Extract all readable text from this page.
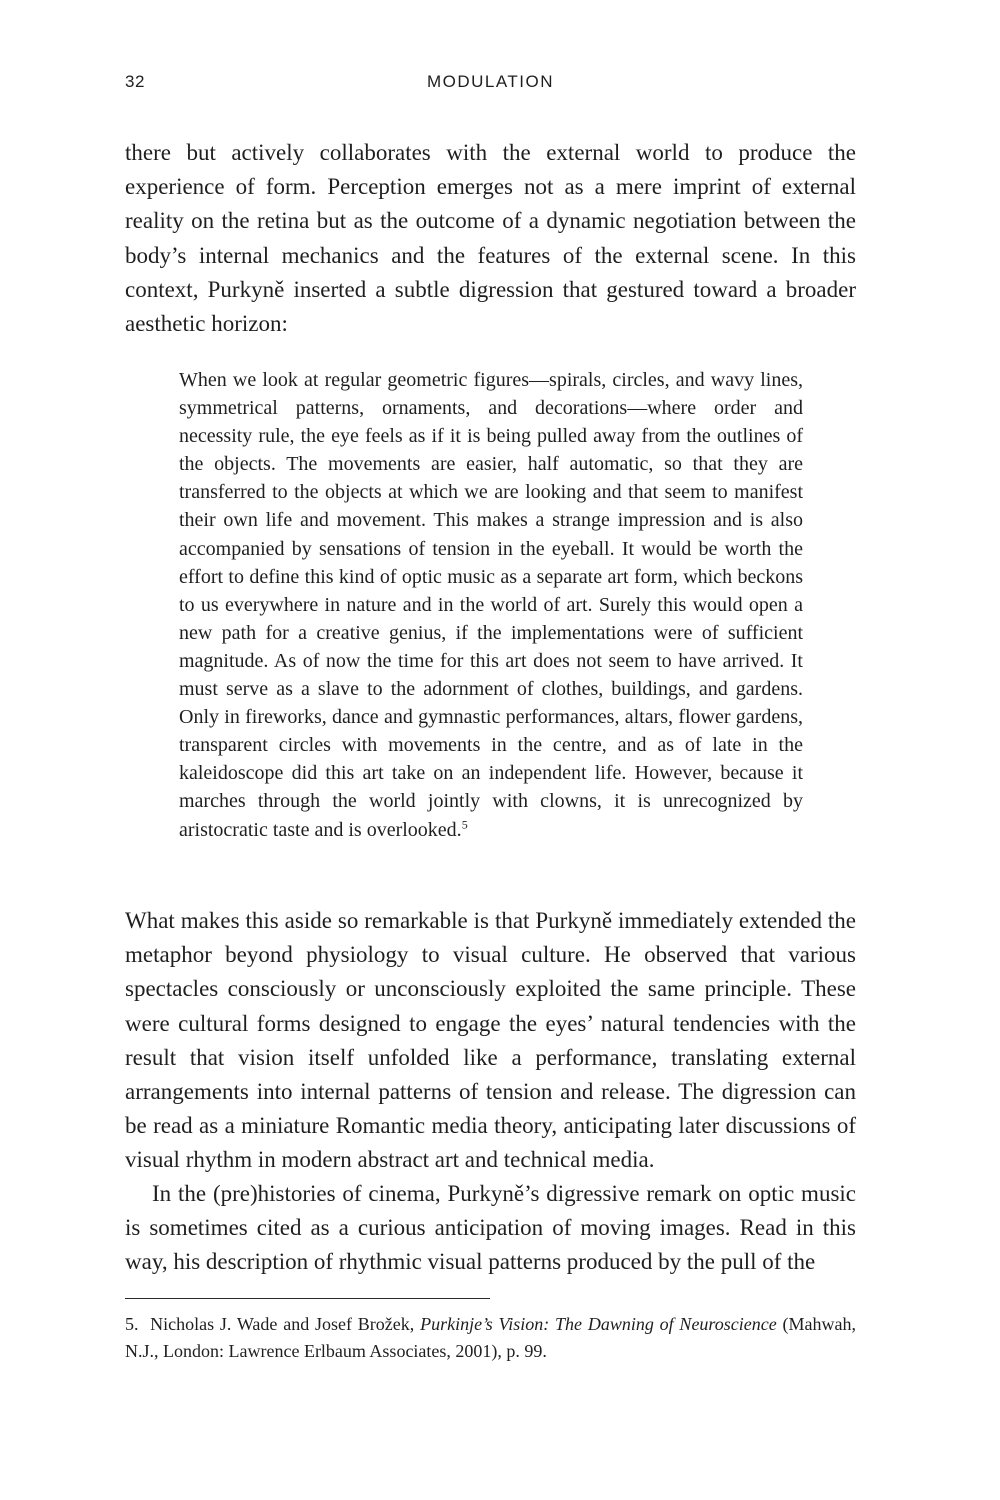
32	MODULATION

there but actively collaborates with the external world to produce the experience of form. Perception emerges not as a mere imprint of external reality on the retina but as the outcome of a dynamic negotiation between the body’s internal mechanics and the features of the external scene. In this context, Purkyně inserted a subtle digression that gestured toward a broader aesthetic horizon:

When we look at regular geometric figures—spirals, circles, and wavy lines, symmetrical patterns, ornaments, and decorations—where order and necessity rule, the eye feels as if it is being pulled away from the outlines of the objects. The movements are easier, half automatic, so that they are transferred to the objects at which we are looking and that seem to manifest their own life and movement. This makes a strange impression and is also accompanied by sensations of tension in the eyeball. It would be worth the effort to define this kind of optic music as a separate art form, which beckons to us everywhere in nature and in the world of art. Surely this would open a new path for a creative genius, if the implementations were of sufficient magnitude. As of now the time for this art does not seem to have arrived. It must serve as a slave to the adornment of clothes, buildings, and gardens. Only in fireworks, dance and gymnastic performances, altars, flower gardens, transparent circles with movements in the centre, and as of late in the kaleidoscope did this art take on an independent life. However, because it marches through the world jointly with clowns, it is unrecognized by aristocratic taste and is overlooked.$^5$

What makes this aside so remarkable is that Purkyně immediately extended the metaphor beyond physiology to visual culture. He observed that various spectacles consciously or unconsciously exploited the same principle. These were cultural forms designed to engage the eyes’ natural tendencies with the result that vision itself unfolded like a performance, translating external arrangements into internal patterns of tension and release. The digression can be read as a miniature Romantic media theory, anticipating later discussions of visual rhythm in modern abstract art and technical media.

In the (pre)histories of cinema, Purkyně’s digressive remark on optic music is sometimes cited as a curious anticipation of moving images. Read in this way, his description of rhythmic visual patterns produced by the pull of the

5. Nicholas J. Wade and Josef Brožek, Purkinje’s Vision: The Dawning of Neuroscience (Mahwah, N.J., London: Lawrence Erlbaum Associates, 2001), p. 99.
